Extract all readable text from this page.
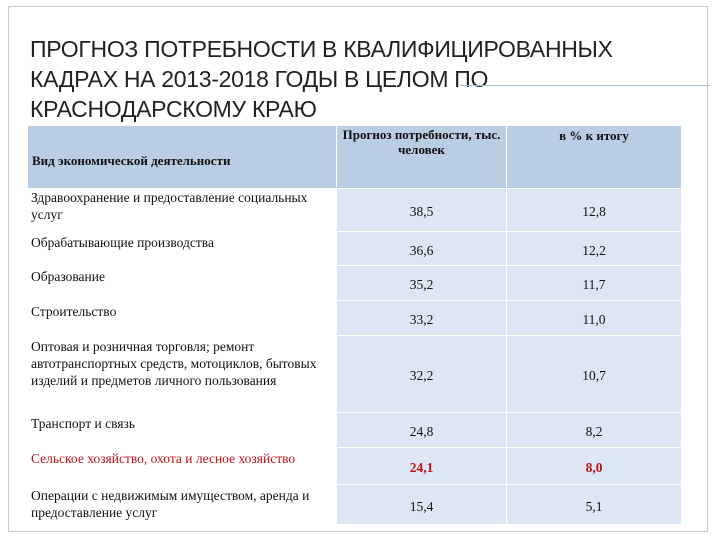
ПРОГНОЗ ПОТРЕБНОСТИ В КВАЛИФИЦИРОВАННЫХ КАДРАХ НА 2013-2018 ГОДЫ В ЦЕЛОМ ПО КРАСНОДАРСКОМУ КРАЮ
Вид экономической деятельности	Прогноз потребности, тыс. человек	в % к итогу
Здравоохранение и предоставление социальных услуг	38,5	12,8
Обрабатывающие производства	36,6	12,2
Образование	35,2	11,7
Строительство	33,2	11,0
Оптовая и розничная торговля; ремонт автотранспортных средств, мотоциклов, бытовых изделий и предметов личного пользования	32,2	10,7
Транспорт и связь	24,8	8,2
Сельское хозяйство, охота и лесное хозяйство	24,1	8,0
Операции с недвижимым имуществом, аренда и предоставление услуг	15,4	5,1
